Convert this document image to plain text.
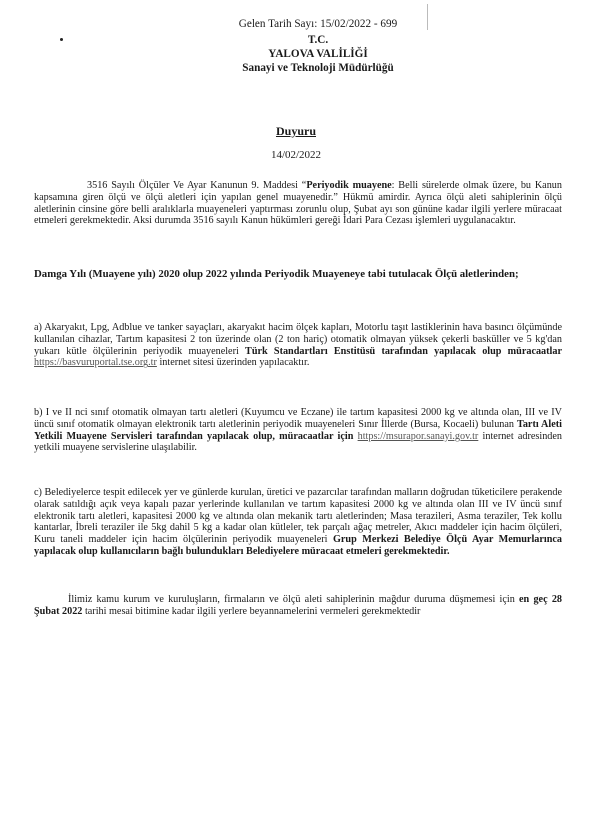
Gelen Tarih Sayı: 15/02/2022 - 699
T.C.
YALOVA VALİLİĞİ
Sanayi ve Teknoloji Müdürlüğü
Duyuru
14/02/2022

3516 Sayılı Ölçüler Ve Ayar Kanunun 9. Maddesi “Periyodik muayene: Belli sürelerde olmak üzere, bu Kanun kapsamına giren ölçü ve ölçü aletleri için yapılan genel muayenedir.” Hükmü amirdir. Ayrıca ölçü aleti sahiplerinin ölçü aletlerinin cinsine göre belli aralıklarla muayeneleri yaptırması zorunlu olup, Şubat ayı son gününe kadar ilgili yerlere müracaat etmeleri gerekmektedir. Aksi durumda 3516 sayılı Kanun hükümleri gereği İdari Para Cezası işlemleri uygulanacaktır.

Damga Yılı (Muayene yılı) 2020 olup 2022 yılında Periyodik Muayeneye tabi tutulacak Ölçü aletlerinden;

a) Akaryakıt, Lpg, Adblue ve tanker sayaçları, akaryakıt hacim ölçek kapları, Motorlu taşıt lastiklerinin hava basıncı ölçümünde kullanılan cihazlar, Tartım kapasitesi 2 ton üzerinde olan (2 ton hariç) otomatik olmayan yüksek çekerli basküller ve 5 kg'dan yukarı kütle ölçülerinin periyodik muayeneleri Türk Standartları Enstitüsü tarafından yapılacak olup müracaatlar https://basvuruportal.tse.org.tr internet sitesi üzerinden yapılacaktır.

b) I ve II nci sınıf otomatik olmayan tartı aletleri (Kuyumcu ve Eczane) ile tartım kapasitesi 2000 kg ve altında olan, III ve IV üncü sınıf otomatik olmayan elektronik tartı aletlerinin periyodik muayeneleri Sınır İllerde (Bursa, Kocaeli) bulunan Tartı Aleti Yetkili Muayene Servisleri tarafından yapılacak olup, müracaatlar için https://msurapor.sanayi.gov.tr internet adresinden yetkili muayene servislerine ulaşılabilir.

c) Belediyelerce tespit edilecek yer ve günlerde kurulan, üretici ve pazarcılar tarafından malların doğrudan tüketicilere perakende olarak satıldığı açık veya kapalı pazar yerlerinde kullanılan ve tartım kapasitesi 2000 kg ve altında olan III ve IV üncü sınıf elektronik tartı aletleri, kapasitesi 2000 kg ve altında olan mekanik tartı aletlerinden; Masa terazileri, Asma teraziler, Tek kollu kantarlar, İbreli teraziler ile 5kg dahil 5 kg a kadar olan kütleler, tek parçalı ağaç metreler, Akıcı maddeler için hacim ölçüleri, Kuru taneli maddeler için hacim ölçülerinin periyodik muayeneleri Grup Merkezi Belediye Ölçü Ayar Memurlarınca yapılacak olup kullanıcıların bağlı bulundukları Belediyelere müracaat etmeleri gerekmektedir.

İlimiz kamu kurum ve kuruluşların, firmaların ve ölçü aleti sahiplerinin mağdur duruma düşmemesi için en geç 28 Şubat 2022 tarihi mesai bitimine kadar ilgili yerlere beyannamelerini vermeleri gerekmektedir
